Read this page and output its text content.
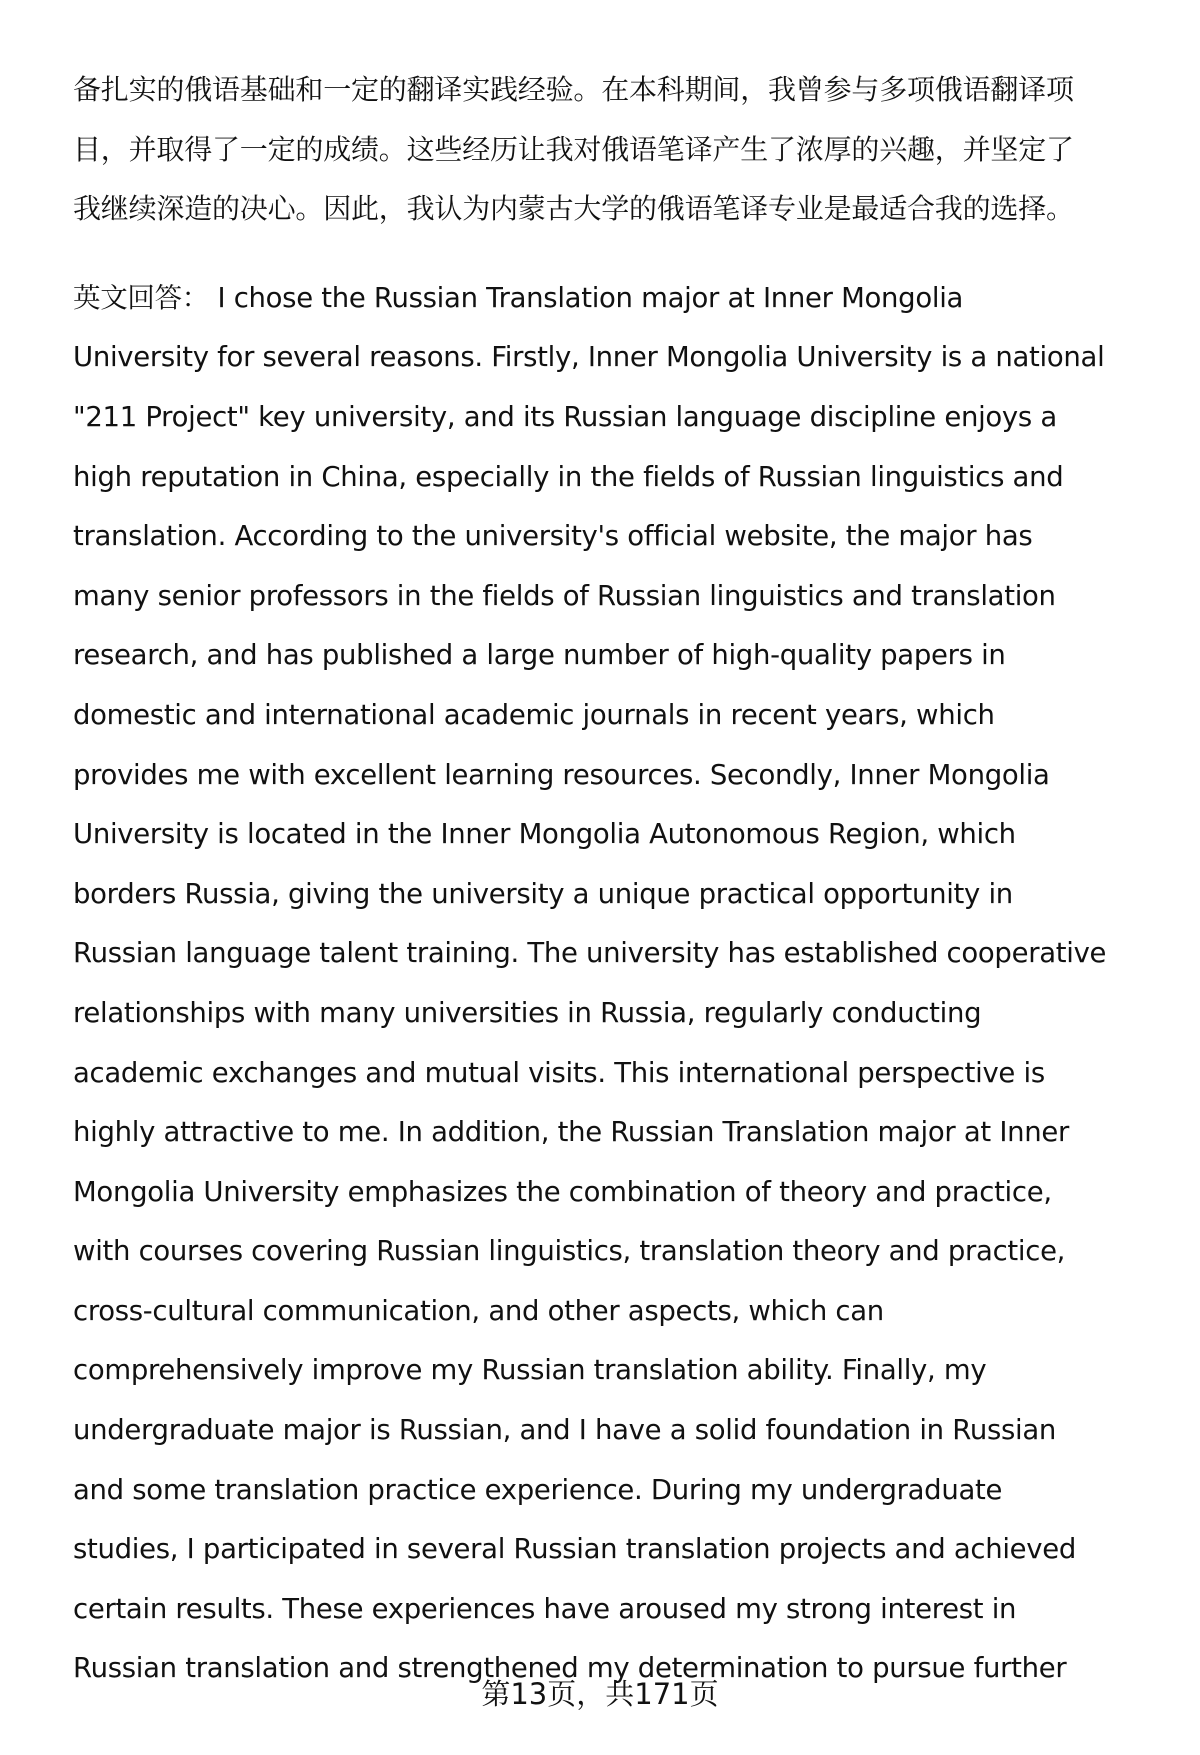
备扎实的俄语基础和一定的翻译实践经验。在本科期间，我曾参与多项俄语翻译项
目，并取得了一定的成绩。这些经历让我对俄语笔译产生了浓厚的兴趣，并坚定了
我继续深造的决心。因此，我认为内蒙古大学的俄语笔译专业是最适合我的选择。
英文回答： I chose the Russian Translation major at Inner Mongolia
University for several reasons. Firstly, Inner Mongolia University is a national
"211 Project" key university, and its Russian language discipline enjoys a
high reputation in China, especially in the fields of Russian linguistics and
translation. According to the university's official website, the major has
many senior professors in the fields of Russian linguistics and translation
research, and has published a large number of high-quality papers in
domestic and international academic journals in recent years, which
provides me with excellent learning resources. Secondly, Inner Mongolia
University is located in the Inner Mongolia Autonomous Region, which
borders Russia, giving the university a unique practical opportunity in
Russian language talent training. The university has established cooperative
relationships with many universities in Russia, regularly conducting
academic exchanges and mutual visits. This international perspective is
highly attractive to me. In addition, the Russian Translation major at Inner
Mongolia University emphasizes the combination of theory and practice,
with courses covering Russian linguistics, translation theory and practice,
cross-cultural communication, and other aspects, which can
comprehensively improve my Russian translation ability. Finally, my
undergraduate major is Russian, and I have a solid foundation in Russian
and some translation practice experience. During my undergraduate
studies, I participated in several Russian translation projects and achieved
certain results. These experiences have aroused my strong interest in
Russian translation and strengthened my determination to pursue further
第13页，共171页
